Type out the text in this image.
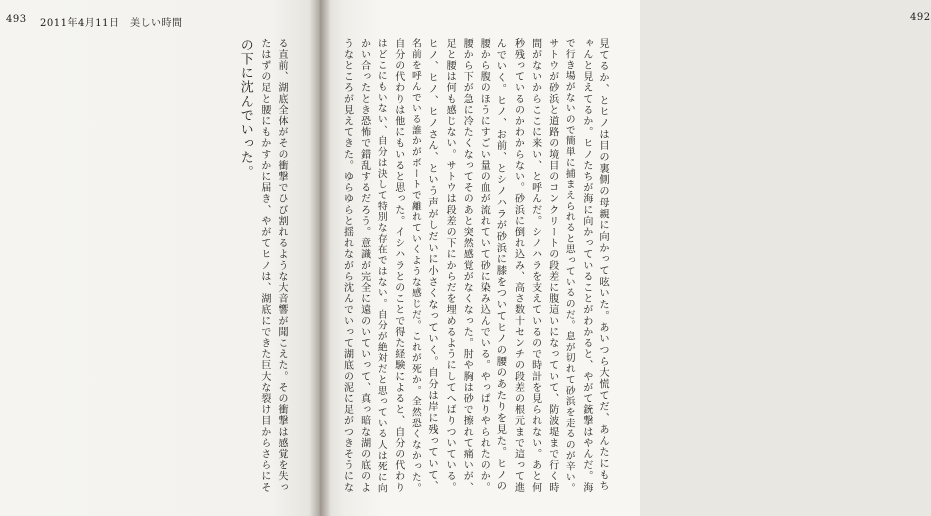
493 2011年4月11日　美しい時間
る直前、湖底全体がその衝撃でひび割れるような大音響が聞こえた。その衝撃は感覚を失っ
たはずの足と腰にもかすかに届き、やがてヒノは、湖底にできた巨大な裂け目からさらにそ
の下に沈んでいった。
492
見てるか、とヒノは目の裏側の母親に向かって呟いた。あいつら大慌てだ、あんたにもち
ゃんと見えてるか。ヒノたちが海に向かっていることがわかると、やがて銃撃はやんだ。海
で行き場がないので簡単に捕まえられると思っているのだ。息が切れて砂浜を走るのが辛い。
サトウが砂浜と道路の境目のコンクリートの段差に腹這いになっていて、防波堤まで行く時
間がないからここに来い、と呼んだ。シノハラを支えているので時計を見られない。あと何
秒残っているのかわからない。砂浜に倒れ込み、高さ数十センチの段差の根元まで這って進
んでいく。ヒノ、お前、とシノハラが砂浜に膝をついてヒノの腰のあたりを見た。ヒノの
腰から腹のほうにすごい量の血が流れていて砂に染み込んでいる。やっぱりやられたのか。
腰から下が急に冷たくなってそのあと突然感覚がなくなった。肘や胸は砂で擦れて痛いが、
足と腰は何も感じない。サトウは段差の下にからだを埋めるようにしてへばりついている。
ヒノ、ヒノ、ヒノさん、という声がしだいに小さくなっていく。自分は岸に残っていて、
名前を呼んでいる誰かがボートで離れていくような感じだ。これが死か。全然恐くなかった。
自分の代わりは他にもいると思った。イシハラとのことで得た経験によると、自分の代わり
はどこにもいない、自分は決して特別な存在ではない。自分が絶対だと思っている人は死に向
かい合ったとき恐怖で錯乱するだろう。意識が完全に遠のいていって、真っ暗な湖の底のよ
うなところが見えてきた。ゆらゆらと揺れながら沈んでいって湖底の泥に足がつきそうにな
